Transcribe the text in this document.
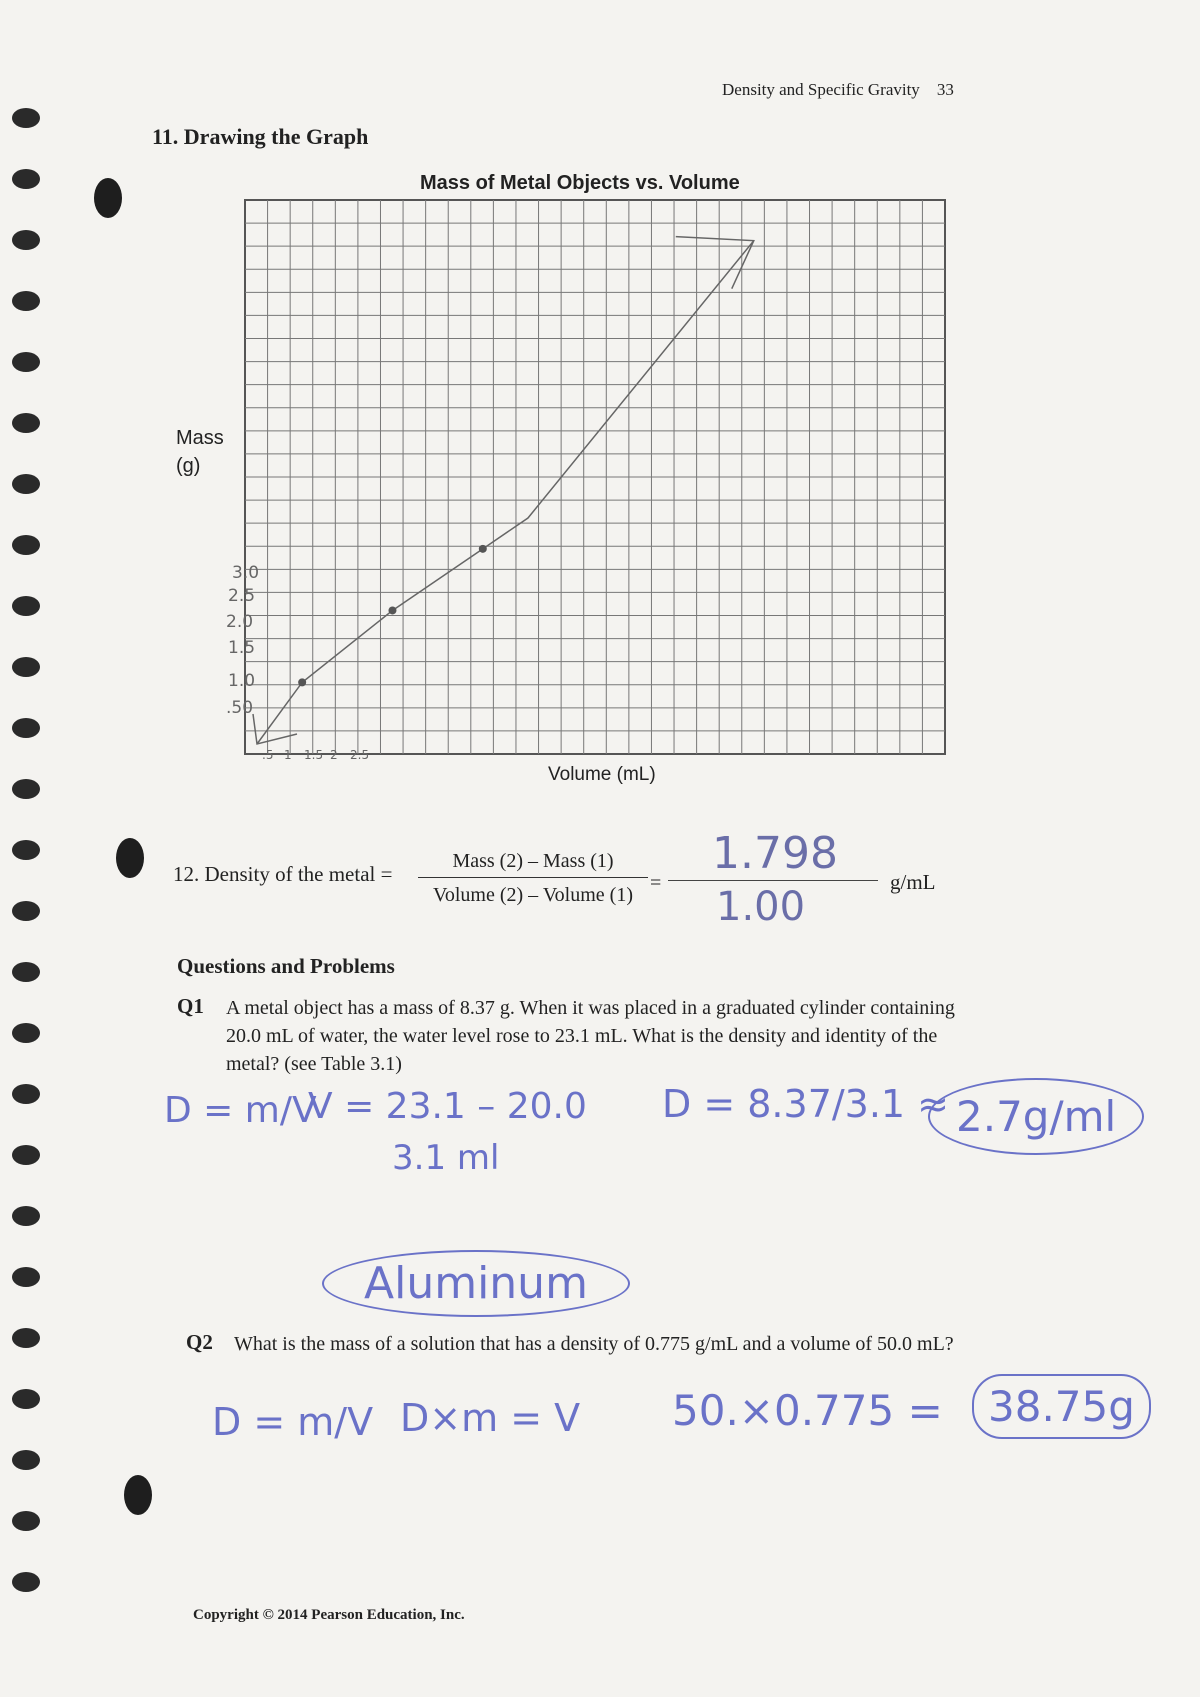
Density and Specific Gravity 33
11. Drawing the Graph
Mass of Metal Objects vs. Volume
Mass
(g)
Volume (mL)
3.0
2.5
2.0
1.5
1.0
.50
.5 1 1.5 2 2.5
12. Density of the metal =
Mass (2) – Mass (1)
Volume (2) – Volume (1)
=	g/mL
1.798
1.00
Questions and Problems
Q1 A metal object has a mass of 8.37 g. When it was placed in a graduated cylinder containing 20.0 mL of water, the water level rose to 23.1 mL. What is the density and identity of the metal? (see Table 3.1)
D = m/V
V = 23.1 – 20.0
3.1 ml
D = 8.37/3.1 ≈ 2.7g/ml
Aluminum
Q2 What is the mass of a solution that has a density of 0.775 g/mL and a volume of 50.0 mL?
D = m/V D×m = V 50.×0.775 =	38.75g
Copyright © 2014 Pearson Education, Inc.
